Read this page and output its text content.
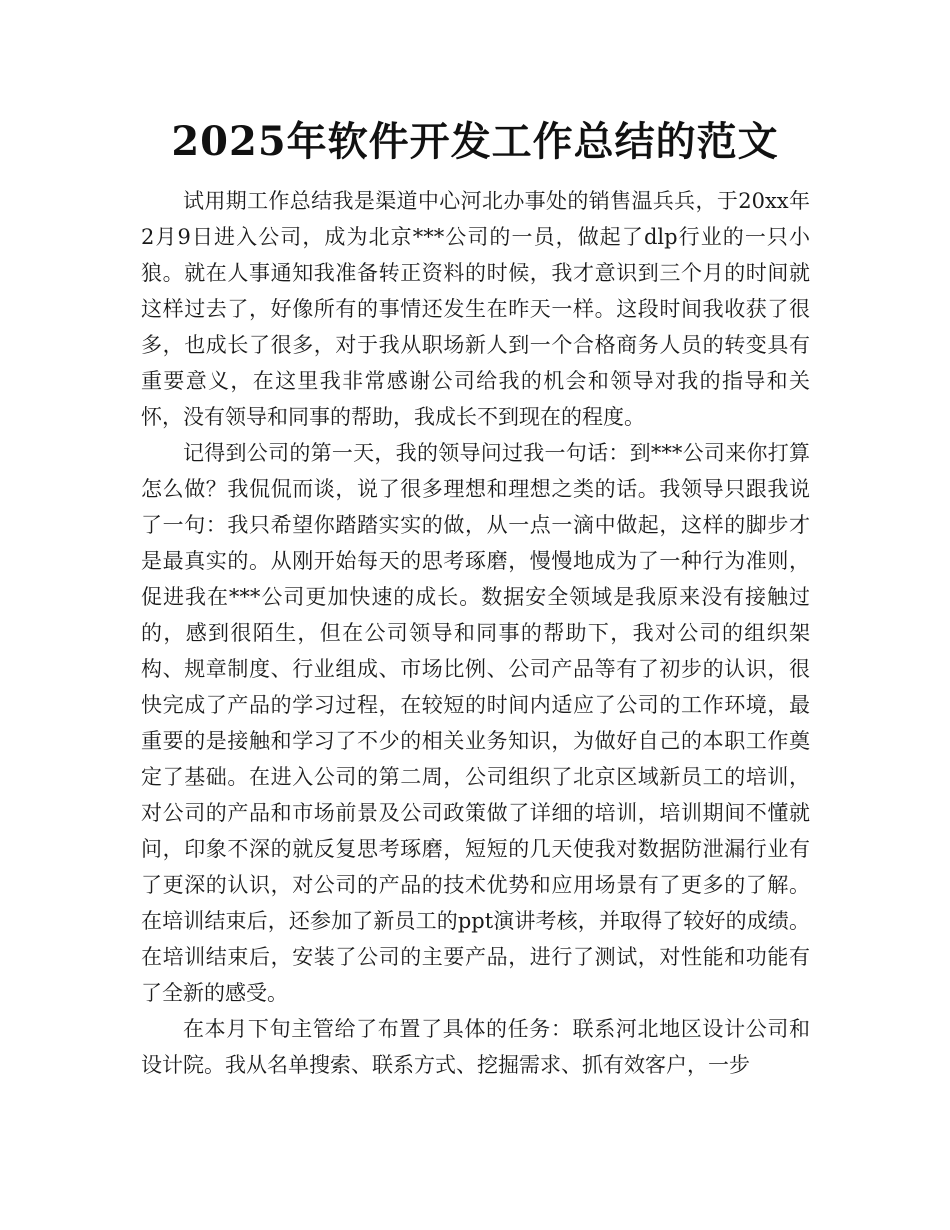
2025年软件开发工作总结的范文

试用期工作总结我是渠道中心河北办事处的销售温兵兵，于20xx年2月9日进入公司，成为北京***公司的一员，做起了dlp行业的一只小狼。就在人事通知我准备转正资料的时候，我才意识到三个月的时间就这样过去了，好像所有的事情还发生在昨天一样。这段时间我收获了很多，也成长了很多，对于我从职场新人到一个合格商务人员的转变具有重要意义，在这里我非常感谢公司给我的机会和领导对我的指导和关怀，没有领导和同事的帮助，我成长不到现在的程度。

记得到公司的第一天，我的领导问过我一句话：到***公司来你打算怎么做？我侃侃而谈，说了很多理想和理想之类的话。我领导只跟我说了一句：我只希望你踏踏实实的做，从一点一滴中做起，这样的脚步才是最真实的。从刚开始每天的思考琢磨，慢慢地成为了一种行为准则，促进我在***公司更加快速的成长。数据安全领域是我原来没有接触过的，感到很陌生，但在公司领导和同事的帮助下，我对公司的组织架构、规章制度、行业组成、市场比例、公司产品等有了初步的认识，很快完成了产品的学习过程，在较短的时间内适应了公司的工作环境，最重要的是接触和学习了不少的相关业务知识，为做好自己的本职工作奠定了基础。在进入公司的第二周，公司组织了北京区域新员工的培训，对公司的产品和市场前景及公司政策做了详细的培训，培训期间不懂就问，印象不深的就反复思考琢磨，短短的几天使我对数据防泄漏行业有了更深的认识，对公司的产品的技术优势和应用场景有了更多的了解。在培训结束后，还参加了新员工的ppt演讲考核，并取得了较好的成绩。在培训结束后，安装了公司的主要产品，进行了测试，对性能和功能有了全新的感受。

在本月下旬主管给了布置了具体的任务：联系河北地区设计公司和设计院。我从名单搜索、联系方式、挖掘需求、抓有效客户，一步
